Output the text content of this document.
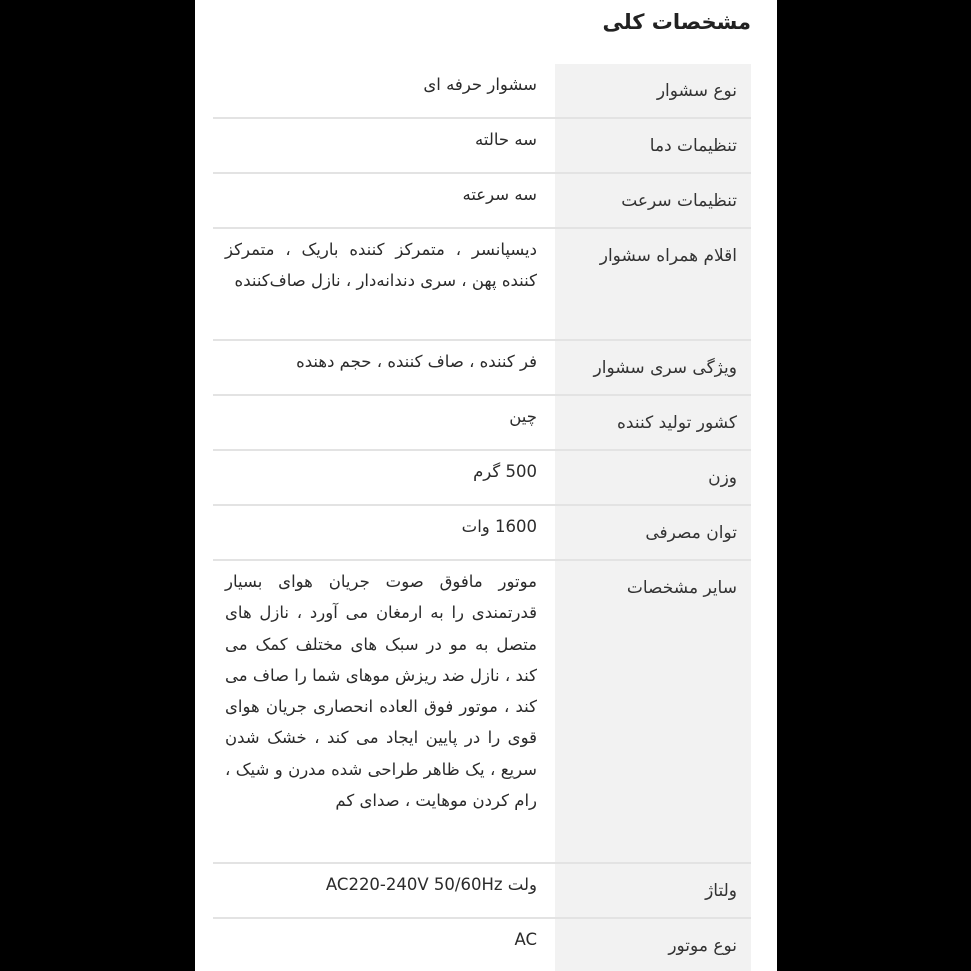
مشخصات کلی
نوع سشوار
سشوار حرفه ای
تنظیمات دما
سه حالته
تنظیمات سرعت
سه سرعته
اقلام همراه سشوار
دیسپانسر ، متمرکز کننده باریک ، متمرکز کننده پهن ، سری دندانه‌دار ، نازل صاف‌کننده
ویژگی سری سشوار
فر کننده ، صاف کننده ، حجم دهنده
کشور تولید کننده
چین
وزن
500 گرم
توان مصرفی
1600 وات
سایر مشخصات
موتور مافوق صوت جریان هوای بسیار قدرتمندی را به ارمغان می آورد ، نازل های متصل به مو در سبک های مختلف کمک می کند ، نازل ضد ریزش موهای شما را صاف می کند ، موتور فوق العاده انحصاری جریان هوای قوی را در پایین ایجاد می کند ، خشک شدن سریع ، یک ظاهر طراحی شده مدرن و شیک ، رام کردن موهایت ، صدای کم
ولتاژ
ولت AC220-240V 50/60Hz
نوع موتور
AC
